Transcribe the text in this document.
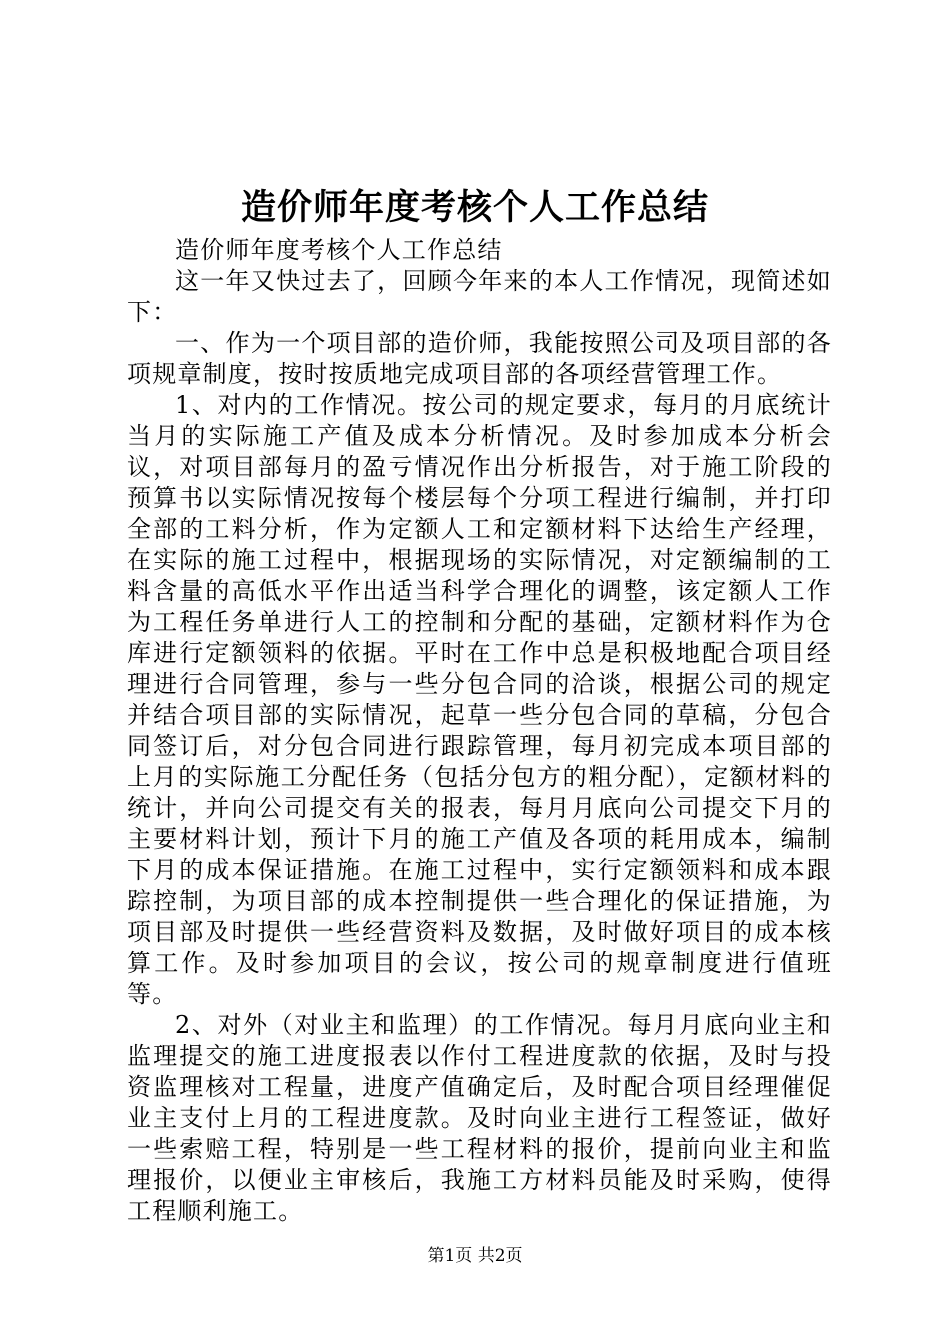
造价师年度考核个人工作总结

造价师年度考核个人工作总结

这一年又快过去了，回顾今年来的本人工作情况，现简述如下：

一、作为一个项目部的造价师，我能按照公司及项目部的各项规章制度，按时按质地完成项目部的各项经营管理工作。

1、对内的工作情况。按公司的规定要求，每月的月底统计当月的实际施工产值及成本分析情况。及时参加成本分析会议，对项目部每月的盈亏情况作出分析报告，对于施工阶段的预算书以实际情况按每个楼层每个分项工程进行编制，并打印全部的工料分析，作为定额人工和定额材料下达给生产经理，在实际的施工过程中，根据现场的实际情况，对定额编制的工料含量的高低水平作出适当科学合理化的调整，该定额人工作为工程任务单进行人工的控制和分配的基础，定额材料作为仓库进行定额领料的依据。平时在工作中总是积极地配合项目经理进行合同管理，参与一些分包合同的洽谈，根据公司的规定并结合项目部的实际情况，起草一些分包合同的草稿，分包合同签订后，对分包合同进行跟踪管理，每月初完成本项目部的上月的实际施工分配任务（包括分包方的粗分配），定额材料的统计，并向公司提交有关的报表，每月月底向公司提交下月的主要材料计划，预计下月的施工产值及各项的耗用成本，编制下月的成本保证措施。在施工过程中，实行定额领料和成本跟踪控制，为项目部的成本控制提供一些合理化的保证措施，为项目部及时提供一些经营资料及数据，及时做好项目的成本核算工作。及时参加项目的会议，按公司的规章制度进行值班等。

2、对外（对业主和监理）的工作情况。每月月底向业主和监理提交的施工进度报表以作付工程进度款的依据，及时与投资监理核对工程量，进度产值确定后，及时配合项目经理催促业主支付上月的工程进度款。及时向业主进行工程签证，做好一些索赔工程，特别是一些工程材料的报价，提前向业主和监理报价，以便业主审核后，我施工方材料员能及时采购，使得工程顺利施工。

第1页 共2页
